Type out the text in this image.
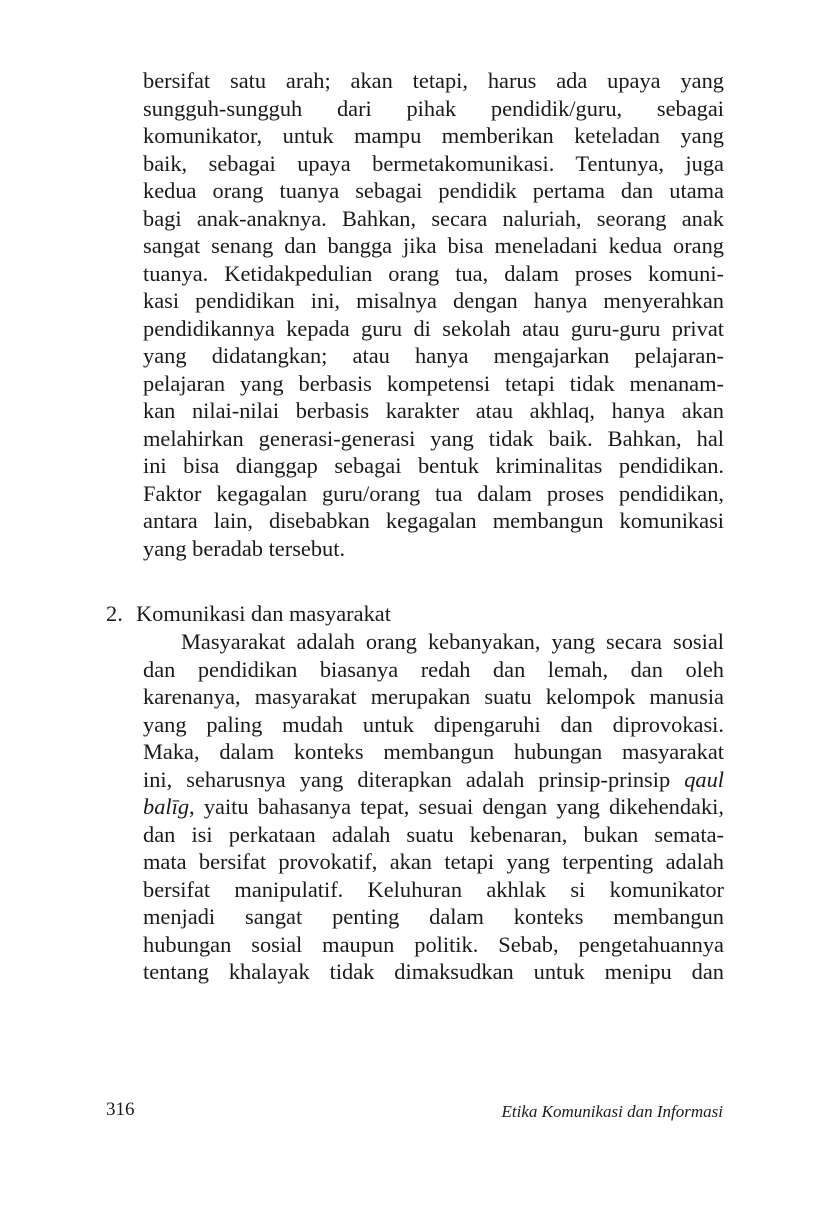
bersifat satu arah; akan tetapi, harus ada upaya yang
sungguh-sungguh dari pihak pendidik/guru, sebagai
komunikator, untuk mampu memberikan keteladan yang
baik, sebagai upaya bermetakomunikasi. Tentunya, juga
kedua orang tuanya sebagai pendidik pertama dan utama
bagi anak-anaknya. Bahkan, secara naluriah, seorang anak
sangat senang dan bangga jika bisa meneladani kedua orang
tuanya. Ketidakpedulian orang tua, dalam proses komuni-
kasi pendidikan ini, misalnya dengan hanya menyerahkan
pendidikannya kepada guru di sekolah atau guru-guru privat
yang didatangkan; atau hanya mengajarkan pelajaran-
pelajaran yang berbasis kompetensi tetapi tidak menanam-
kan nilai-nilai berbasis karakter atau akhlaq, hanya akan
melahirkan generasi-generasi yang tidak baik. Bahkan, hal
ini bisa dianggap sebagai bentuk kriminalitas pendidikan.
Faktor kegagalan guru/orang tua dalam proses pendidikan,
antara lain, disebabkan kegagalan membangun komunikasi
yang beradab tersebut.
2. Komunikasi dan masyarakat
Masyarakat adalah orang kebanyakan, yang secara sosial
dan pendidikan biasanya redah dan lemah, dan oleh
karenanya, masyarakat merupakan suatu kelompok manusia
yang paling mudah untuk dipengaruhi dan diprovokasi.
Maka, dalam konteks membangun hubungan masyarakat
ini, seharusnya yang diterapkan adalah prinsip-prinsip qaul
balīg, yaitu bahasanya tepat, sesuai dengan yang dikehendaki,
dan isi perkataan adalah suatu kebenaran, bukan semata-
mata bersifat provokatif, akan tetapi yang terpenting adalah
bersifat manipulatif. Keluhuran akhlak si komunikator
menjadi sangat penting dalam konteks membangun
hubungan sosial maupun politik. Sebab, pengetahuannya
tentang khalayak tidak dimaksudkan untuk menipu dan
316	Etika Komunikasi dan Informasi
